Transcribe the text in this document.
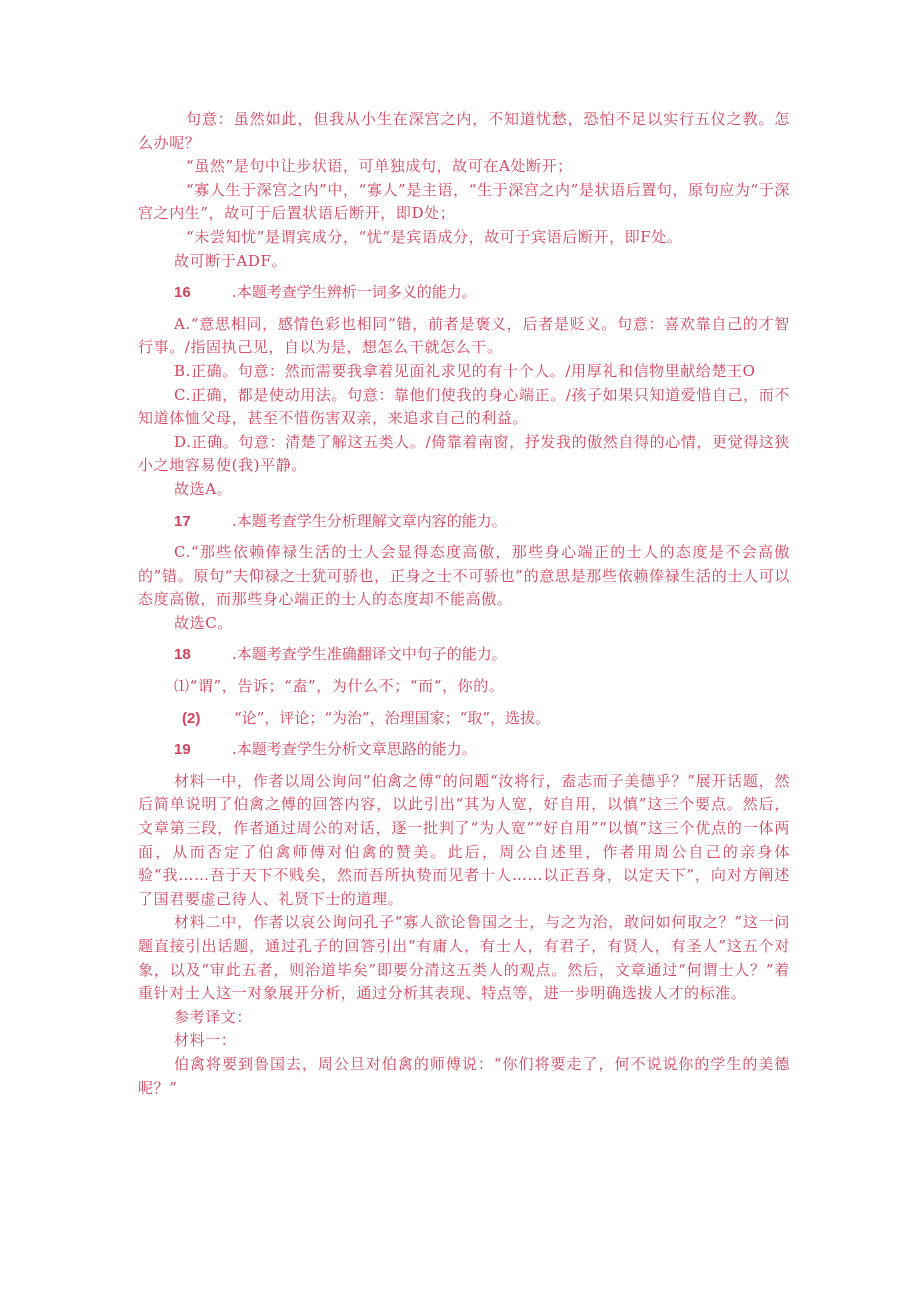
句意：虽然如此，但我从小生在深宫之内，不知道忧愁，恐怕不足以实行五仪之教。怎么办呢？

“虽然”是句中让步状语，可单独成句，故可在A处断开；

“寡人生于深宫之内”中，“寡人”是主语，“生于深宫之内”是状语后置句，原句应为“于深宫之内生”，故可于后置状语后断开，即D处；

“未尝知忧”是谓宾成分，“忧”是宾语成分，故可于宾语后断开，即F处。

故可断于ADF。

16	.本题考查学生辨析一词多义的能力。

A.“意思相同，感情色彩也相同”错，前者是褒义，后者是贬义。句意：喜欢靠自己的才智行事。/指固执己见，自以为是，想怎么干就怎么干。

B.正确。句意：然而需要我拿着见面礼求见的有十个人。/用厚礼和信物里献给楚王O

C.正确，都是使动用法。句意：靠他们使我的身心端正。/孩子如果只知道爱惜自己，而不知道体恤父母，甚至不惜伤害双亲，来追求自己的利益。

D.正确。句意：清楚了解这五类人。/倚靠着南窗，抒发我的傲然自得的心情，更觉得这狭小之地容易使(我)平静。

故选A。

17	.本题考查学生分析理解文章内容的能力。

C.“那些依赖俸禄生活的士人会显得态度高傲，那些身心端正的士人的态度是不会高傲的”错。原句“夫仰禄之士犹可骄也，正身之士不可骄也”的意思是那些依赖俸禄生活的士人可以态度高傲，而那些身心端正的士人的态度却不能高傲。

故选C。

18	.本题考查学生准确翻译文中句子的能力。

⑴“谓”，告诉；“盍”，为什么不；“而“，你的。

(2) “论”，评论；“为治”，治理国家；“取”，选拔。
19	.本题考查学生分析文章思路的能力。

材料一中，作者以周公询问“伯禽之傅”的问题“汝将行，盍志而子美德乎？”展开话题，然后简单说明了伯禽之傅的回答内容，以此引出“其为人宽，好自用，以慎”这三个要点。然后，文章第三段，作者通过周公的对话，逐一批判了“为人宽”“好自用”“以慎”这三个优点的一体两面，从而否定了伯禽师傅对伯禽的赞美。此后，周公自述里，作者用周公自己的亲身体验“我……吾于天下不贱矣，然而吾所执贽而见者十人……以正吾身，以定天下”，向对方阐述了国君要虚己待人、礼贤下士的道理。

材料二中，作者以哀公询问孔子“寡人欲论鲁国之士，与之为治，敢问如何取之？”这一问题直接引出话题，通过孔子的回答引出“有庸人，有士人，有君子，有贤人，有圣人”这五个对象，以及“审此五者，则治道毕矣”即要分清这五类人的观点。然后，文章通过“何谓士人？”着重针对士人这一对象展开分析，通过分析其表现、特点等，进一步明确选拔人才的标准。

参考译文：

材料一：

伯禽将要到鲁国去，周公旦对伯禽的师傅说：“你们将要走了，何不说说你的学生的美德呢？”
